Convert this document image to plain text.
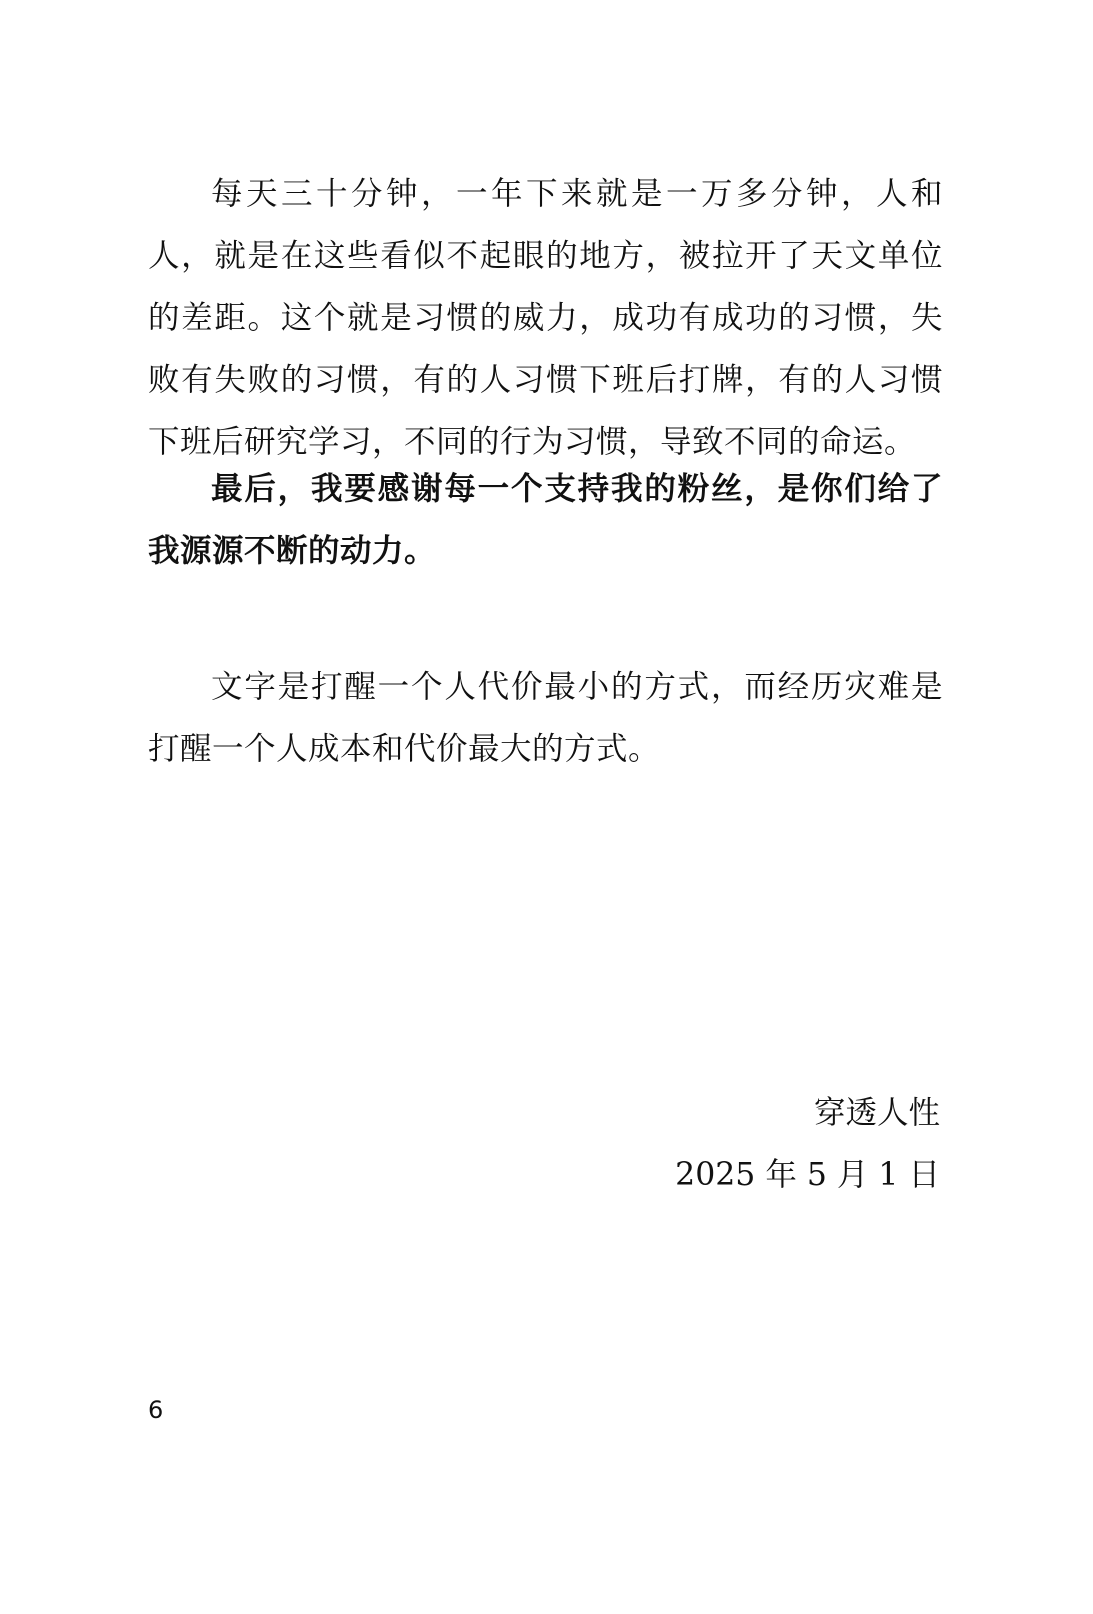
每天三十分钟，一年下来就是一万多分钟，人和人，就是在这些看似不起眼的地方，被拉开了天文单位的差距。这个就是习惯的威力，成功有成功的习惯，失败有失败的习惯，有的人习惯下班后打牌，有的人习惯下班后研究学习，不同的行为习惯，导致不同的命运。

最后，我要感谢每一个支持我的粉丝，是你们给了我源源不断的动力。

文字是打醒一个人代价最小的方式，而经历灾难是打醒一个人成本和代价最大的方式。

穿透人性
2025 年 5 月 1 日
6
